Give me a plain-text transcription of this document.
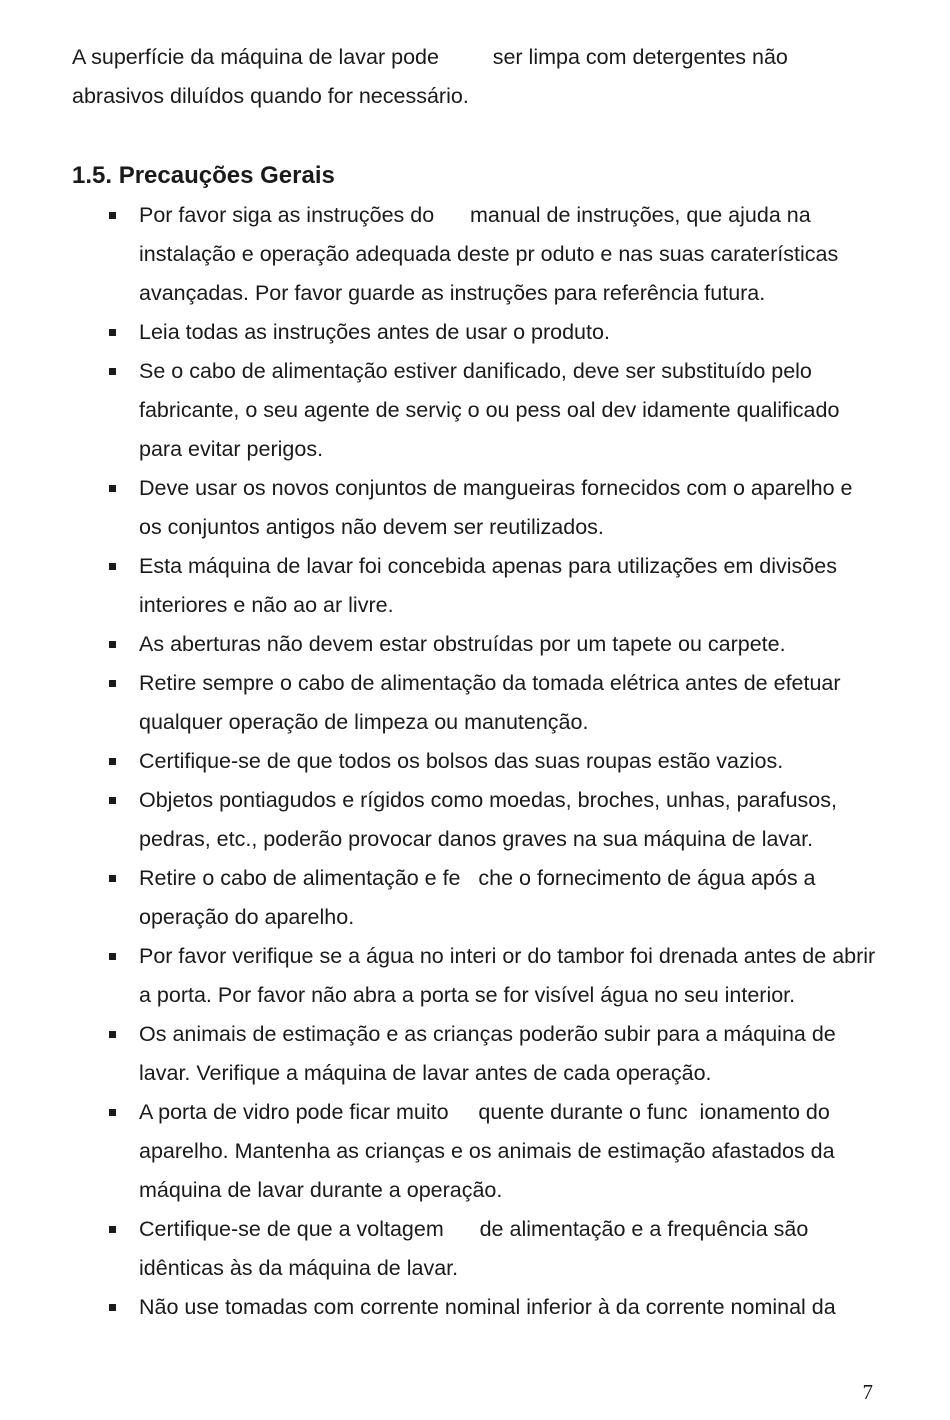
A superfície da máquina de lavar pode         ser limpa com detergentes não abrasivos diluídos quando for necessário.

1.5. Precauções Gerais
Por favor siga as instruções do      manual de instruções, que ajuda na instalação e operação adequada deste pr oduto e nas suas caraterísticas avançadas. Por favor guarde as instruções para referência futura.
Leia todas as instruções antes de usar o produto.
Se o cabo de alimentação estiver danificado, deve ser substituído pelo fabricante, o seu agente de serviç o ou pess oal dev idamente qualificado para evitar perigos.
Deve usar os novos conjuntos de mangueiras fornecidos com o aparelho e os conjuntos antigos não devem ser reutilizados.
Esta máquina de lavar foi concebida apenas para utilizações em divisões interiores e não ao ar livre.
As aberturas não devem estar obstruídas por um tapete ou carpete.
Retire sempre o cabo de alimentação da tomada elétrica antes de efetuar qualquer operação de limpeza ou manutenção.
Certifique-se de que todos os bolsos das suas roupas estão vazios.
Objetos pontiagudos e rígidos como moedas, broches, unhas, parafusos, pedras, etc., poderão provocar danos graves na sua máquina de lavar.
Retire o cabo de alimentação e fe   che o fornecimento de água após a operação do aparelho.
Por favor verifique se a água no interi or do tambor foi drenada antes de abrir a porta. Por favor não abra a porta se for visível água no seu interior.
Os animais de estimação e as crianças poderão subir para a máquina de lavar. Verifique a máquina de lavar antes de cada operação.
A porta de vidro pode ficar muito     quente durante o func  ionamento do aparelho. Mantenha as crianças e os animais de estimação afastados da máquina de lavar durante a operação.
Certifique-se de que a voltagem      de alimentação e a frequência são idênticas às da máquina de lavar.
Não use tomadas com corrente nominal inferior à da corrente nominal da
7
